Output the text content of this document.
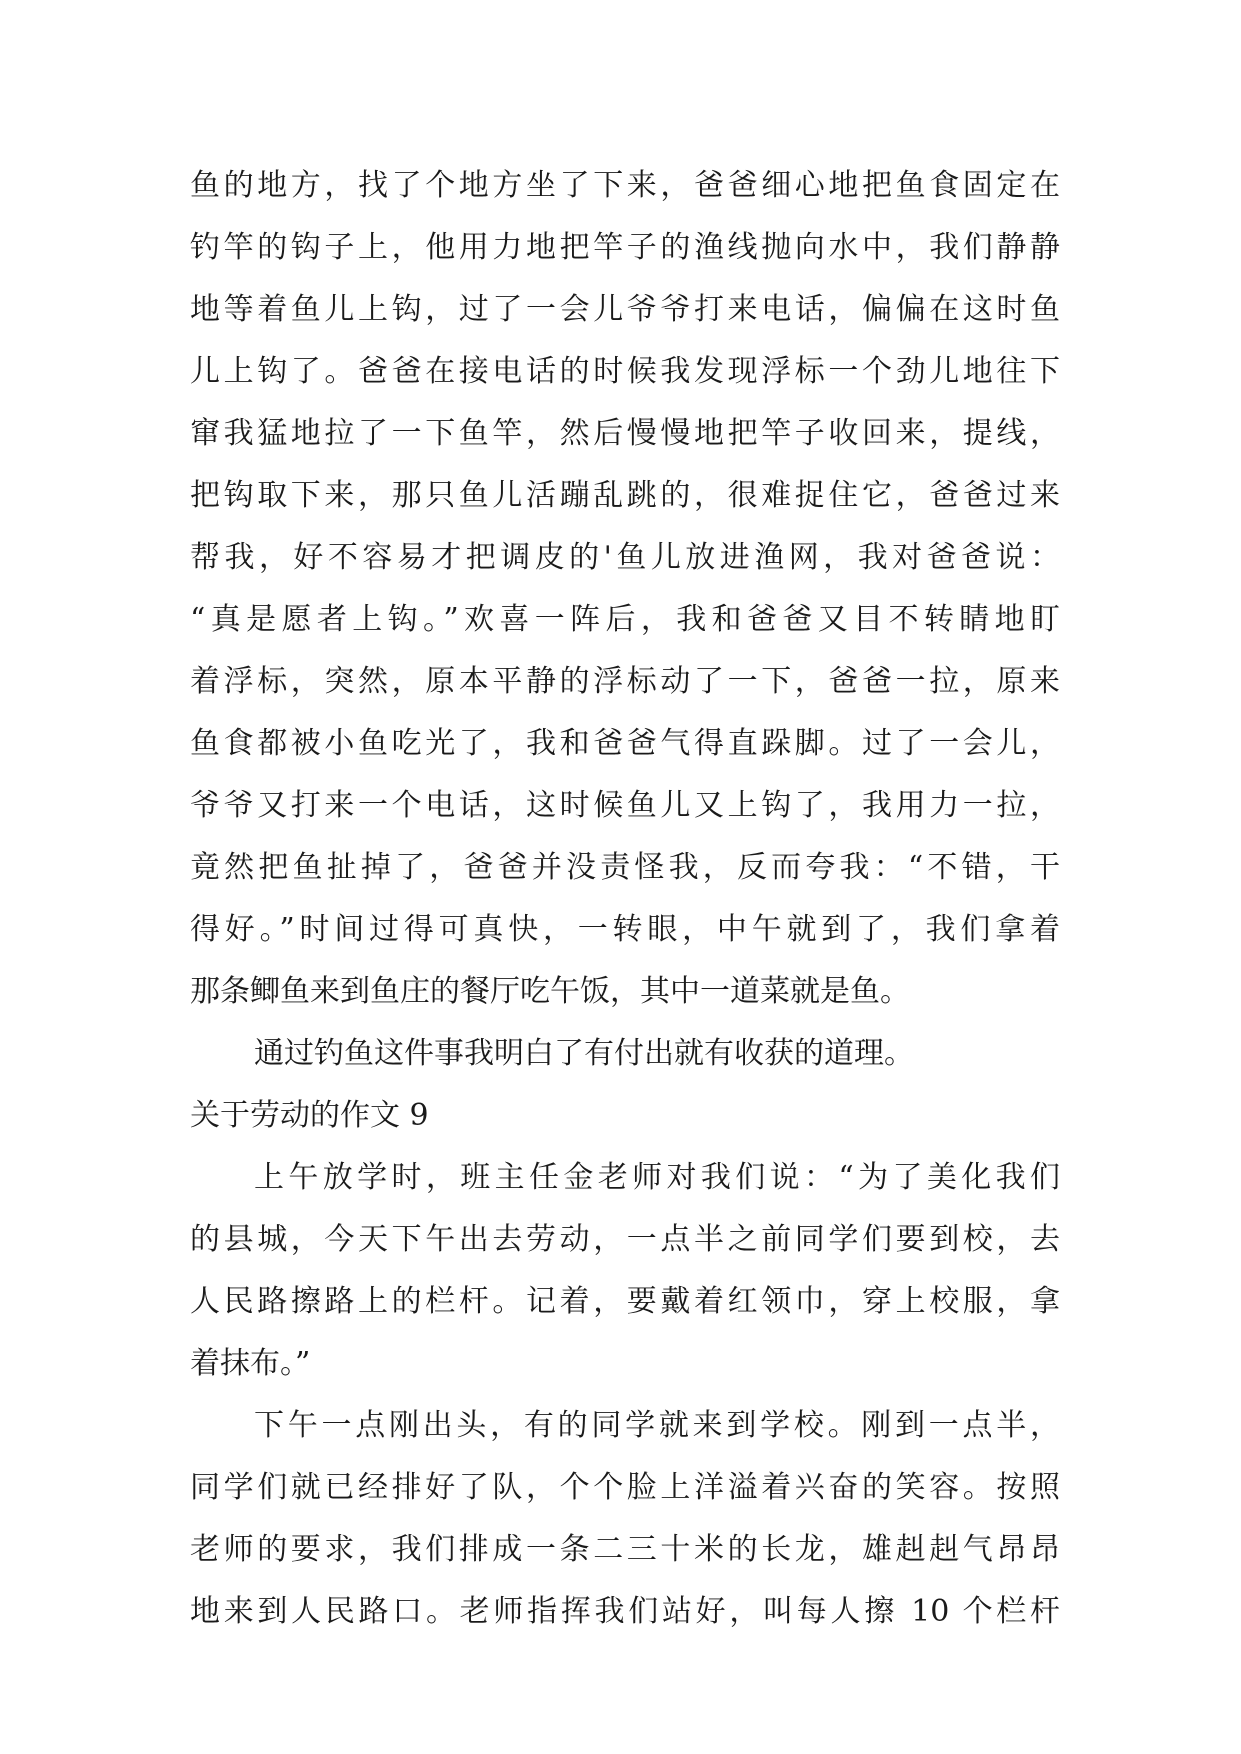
鱼的地方，找了个地方坐了下来，爸爸细心地把鱼食固定在
钓竿的钩子上，他用力地把竿子的渔线抛向水中，我们静静
地等着鱼儿上钩，过了一会儿爷爷打来电话，偏偏在这时鱼
儿上钩了。爸爸在接电话的时候我发现浮标一个劲儿地往下
窜我猛地拉了一下鱼竿，然后慢慢地把竿子收回来，提线，
把钩取下来，那只鱼儿活蹦乱跳的，很难捉住它，爸爸过来
帮我，好不容易才把调皮的'鱼儿放进渔网，我对爸爸说：
“真是愿者上钩。”欢喜一阵后，我和爸爸又目不转睛地盯
着浮标，突然，原本平静的浮标动了一下，爸爸一拉，原来
鱼食都被小鱼吃光了，我和爸爸气得直跺脚。过了一会儿，
爷爷又打来一个电话，这时候鱼儿又上钩了，我用力一拉，
竟然把鱼扯掉了，爸爸并没责怪我，反而夸我：“不错，干
得好。”时间过得可真快，一转眼，中午就到了，我们拿着
那条鲫鱼来到鱼庄的餐厅吃午饭，其中一道菜就是鱼。
通过钓鱼这件事我明白了有付出就有收获的道理。
关于劳动的作文 9
上午放学时，班主任金老师对我们说：“为了美化我们
的县城，今天下午出去劳动，一点半之前同学们要到校，去
人民路擦路上的栏杆。记着，要戴着红领巾，穿上校服，拿
着抹布。”
下午一点刚出头，有的同学就来到学校。刚到一点半，
同学们就已经排好了队，个个脸上洋溢着兴奋的笑容。按照
老师的要求，我们排成一条二三十米的长龙，雄赳赳气昂昂
地来到人民路口。老师指挥我们站好，叫每人擦 10 个栏杆
